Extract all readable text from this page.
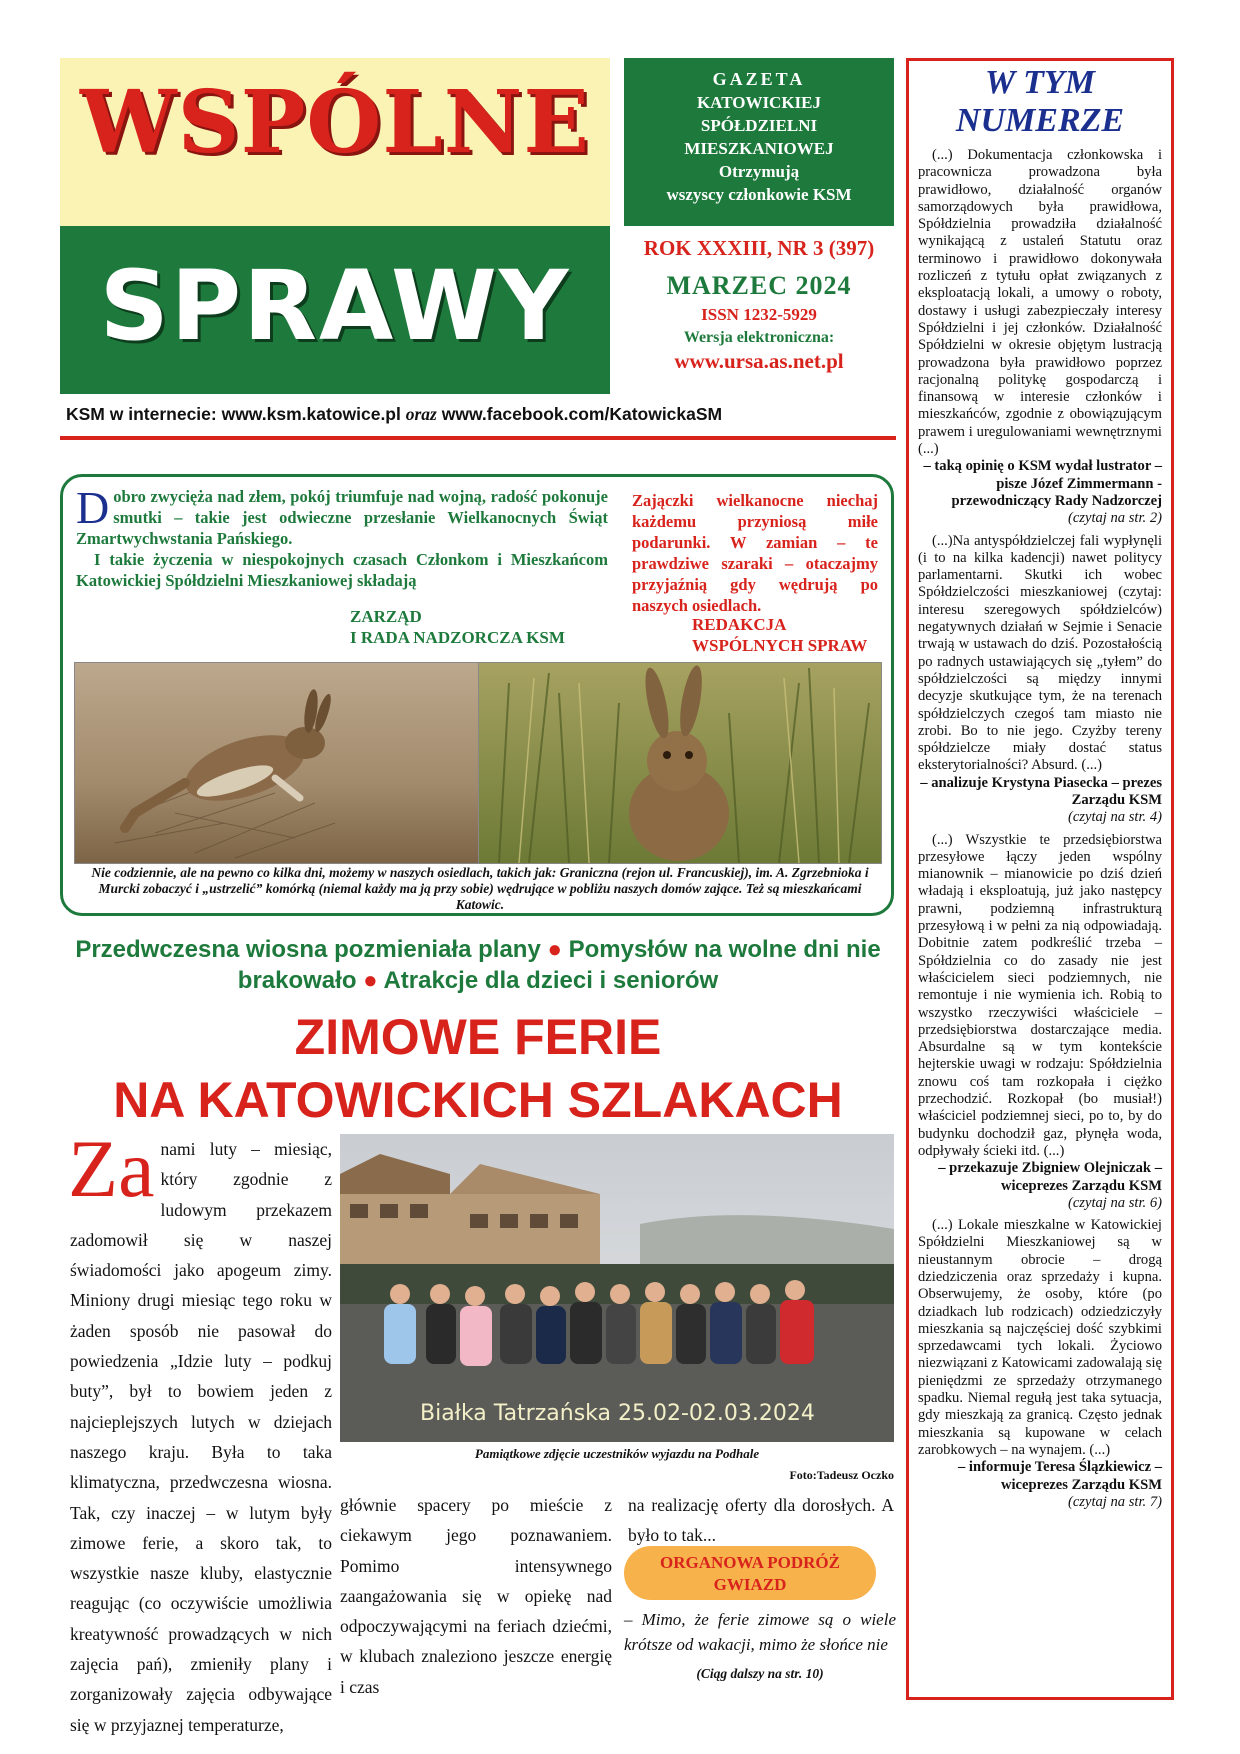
WSPÓLNE
SPRAWY
GAZETA
KATOWICKIEJ
SPÓŁDZIELNI
MIESZKANIOWEJ
Otrzymują
wszyscy członkowie KSM
ROK XXXIII, NR 3 (397)
MARZEC 2024
ISSN 1232-5929
Wersja elektroniczna:
www.ursa.as.net.pl
KSM w internecie: www.ksm.katowice.pl oraz www.facebook.com/KatowickaSM
W TYM
NUMERZE

(...) Dokumentacja członkowska i pracownicza prowadzona była prawidłowo, działalność organów samorządowych była prawidłowa, Spółdzielnia prowadziła działalność wynikającą z ustaleń Statutu oraz terminowo i prawidłowo dokonywała rozliczeń z tytułu opłat związanych z eksploatacją lokali, a umowy o roboty, dostawy i usługi zabezpieczały interesy Spółdzielni i jej członków. Działalność Spółdzielni w okresie objętym lustracją prowadzona była prawidłowo poprzez racjonalną politykę gospodarczą i finansową w interesie członków i mieszkańców, zgodnie z obowiązującym prawem i uregulowaniami wewnętrznymi (...)

– taką opinię o KSM wydał lustrator – pisze Józef Zimmermann - przewodniczący Rady Nadzorczej

(czytaj na str. 2)

(...)Na antyspółdzielczej fali wypłynęli (i to na kilka kadencji) nawet politycy parlamentarni. Skutki ich wobec Spółdzielczości mieszkaniowej (czytaj: interesu szeregowych spółdzielców) negatywnych działań w Sejmie i Senacie trwają w ustawach do dziś. Pozostałością po radnych ustawiających się „tyłem” do spółdzielczości są między innymi decyzje skutkujące tym, że na terenach spółdzielczych czegoś tam miasto nie zrobi. Bo to nie jego. Czyżby tereny spółdzielcze miały dostać status eksterytorialności? Absurd. (...)

– analizuje Krystyna Piasecka – prezes Zarządu KSM

(czytaj na str. 4)

(...) Wszystkie te przedsiębiorstwa przesyłowe łączy jeden wspólny mianownik – mianowicie po dziś dzień władają i eksploatują, już jako następcy prawni, podziemną infrastrukturą przesyłową i w pełni za nią odpowiadają. Dobitnie zatem podkreślić trzeba – Spółdzielnia co do zasady nie jest właścicielem sieci podziemnych, nie remontuje i nie wymienia ich. Robią to wszystko rzeczywiści właściciele – przedsiębiorstwa dostarczające media. Absurdalne są w tym kontekście hejterskie uwagi w rodzaju: Spółdzielnia znowu coś tam rozkopała i ciężko przechodzić. Rozkopał (bo musiał!) właściciel podziemnej sieci, po to, by do budynku dochodził gaz, płynęła woda, odpływały ścieki itd. (...)

– przekazuje Zbigniew Olejniczak – wiceprezes Zarządu KSM

(czytaj na str. 6)

(...) Lokale mieszkalne w Katowickiej Spółdzielni Mieszkaniowej są w nieustannym obrocie – drogą dziedziczenia oraz sprzedaży i kupna. Obserwujemy, że osoby, które (po dziadkach lub rodzicach) odziedziczyły mieszkania są najczęściej dość szybkimi sprzedawcami tych lokali. Życiowo niezwiązani z Katowicami zadowalają się pieniędzmi ze sprzedaży otrzymanego spadku. Niemal regułą jest taka sytuacja, gdy mieszkają za granicą. Często jednak mieszkania są kupowane w celach zarobkowych – na wynajem. (...)

– informuje Teresa Ślązkiewicz – wiceprezes Zarządu KSM

(czytaj na str. 7)

D obro zwycięża nad złem, pokój triumfuje nad wojną, radość pokonuje smutki – takie jest odwieczne przesłanie Wielkanocnych Świąt Zmartwychwstania Pańskiego.

I takie życzenia w niespokojnych czasach Członkom i Mieszkańcom Katowickiej Spółdzielni Mieszkaniowej składają

ZARZĄD
I RADA NADZORCZA KSM
Zajączki wielkanocne niechaj każdemu przyniosą miłe podarunki. W zamian – te prawdziwe szaraki – otaczajmy przyjaźnią gdy wędrują po naszych osiedlach.
REDAKCJA
WSPÓLNYCH SPRAW
Nie codziennie, ale na pewno co kilka dni, możemy w naszych osiedlach, takich jak: Graniczna (rejon ul. Francuskiej), im. A. Zgrzebnioka i Murcki zobaczyć i „ustrzelić” komórką (niemal każdy ma ją przy sobie) wędrujące w pobliżu naszych domów zające. Też są mieszkańcami Katowic.
Przedwczesna wiosna pozmieniała plany ● Pomysłów na wolne dni nie brakowało ● Atrakcje dla dzieci i seniorów
ZIMOWE FERIE
NA KATOWICKICH SZLAKACH
Za nami luty – miesiąc, który zgodnie z ludowym przekazem zadomowił się w naszej świadomości jako apogeum zimy. Miniony drugi miesiąc tego roku w żaden sposób nie pasował do powiedzenia „Idzie luty – podkuj buty”, był to bowiem jeden z najcieplejszych lutych w dziejach naszego kraju. Była to taka klimatyczna, przedwczesna wiosna. Tak, czy inaczej – w lutym były zimowe ferie, a skoro tak, to wszystkie nasze kluby, elastycznie reagując (co oczywiście umożliwia kreatywność prowadzących w nich zajęcia pań), zmieniły plany i zorganizowały zajęcia odbywające się w przyjaznej temperaturze,
Białka Tatrzańska 25.02-02.03.2024
Pamiątkowe zdjęcie uczestników wyjazdu na Podhale
Foto:Tadeusz Oczko
głównie spacery po mieście z ciekawym jego poznawaniem. Pomimo intensywnego zaangażowania się w opiekę nad odpoczywającymi na feriach dziećmi, w klubach znaleziono jeszcze energię i czas
na realizację oferty dla dorosłych. A było to tak...
ORGANOWA PODRÓŻ
GWIAZD
– Mimo, że ferie zimowe są o wiele krótsze od wakacji, mimo że słońce nie
(Ciąg dalszy na str. 10)
